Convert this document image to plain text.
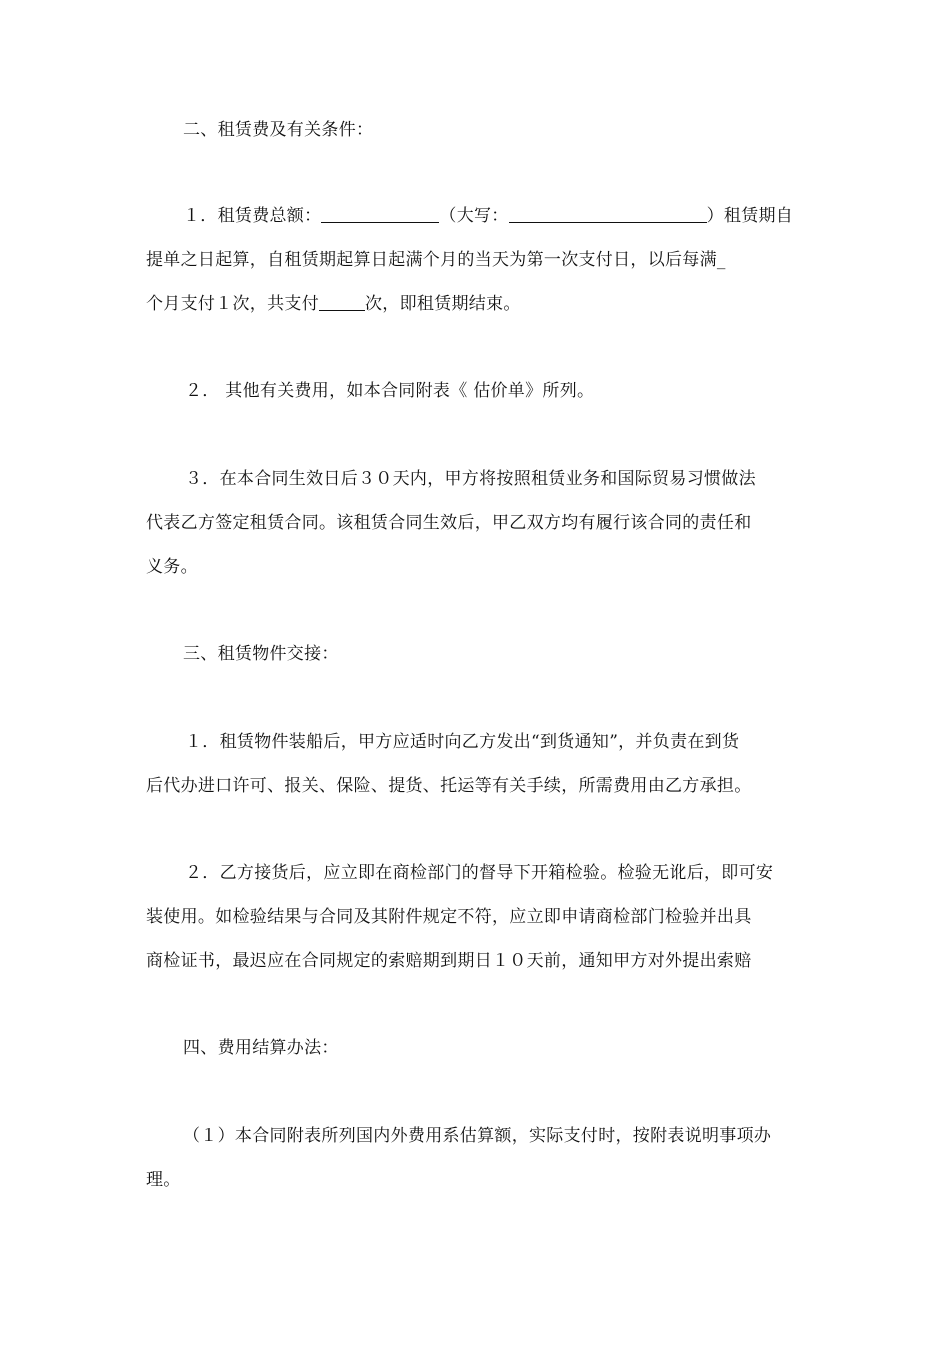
二、租赁费及有关条件：
１．租赁费总额：	（大写：	）租赁期自
提单之日起算，自租赁期起算日起满个月的当天为第一次支付日，以后每满_
个月支付１次，共支付	次，即租赁期结束。
２． 其他有关费用，如本合同附表《 估价单》所列。
３．在本合同生效日后３０天内，甲方将按照租赁业务和国际贸易习惯做法
代表乙方签定租赁合同。该租赁合同生效后，甲乙双方均有履行该合同的责任和
义务。
三、租赁物件交接：
１．租赁物件装船后，甲方应适时向乙方发出“到货通知”，并负责在到货
后代办进口许可、报关、保险、提货、托运等有关手续，所需费用由乙方承担。
２．乙方接货后，应立即在商检部门的督导下开箱检验。检验无讹后，即可安
装使用。如检验结果与合同及其附件规定不符，应立即申请商检部门检验并出具
商检证书，最迟应在合同规定的索赔期到期日１０天前，通知甲方对外提出索赔
四、费用结算办法：
（１）本合同附表所列国内外费用系估算额，实际支付时，按附表说明事项办
理。
